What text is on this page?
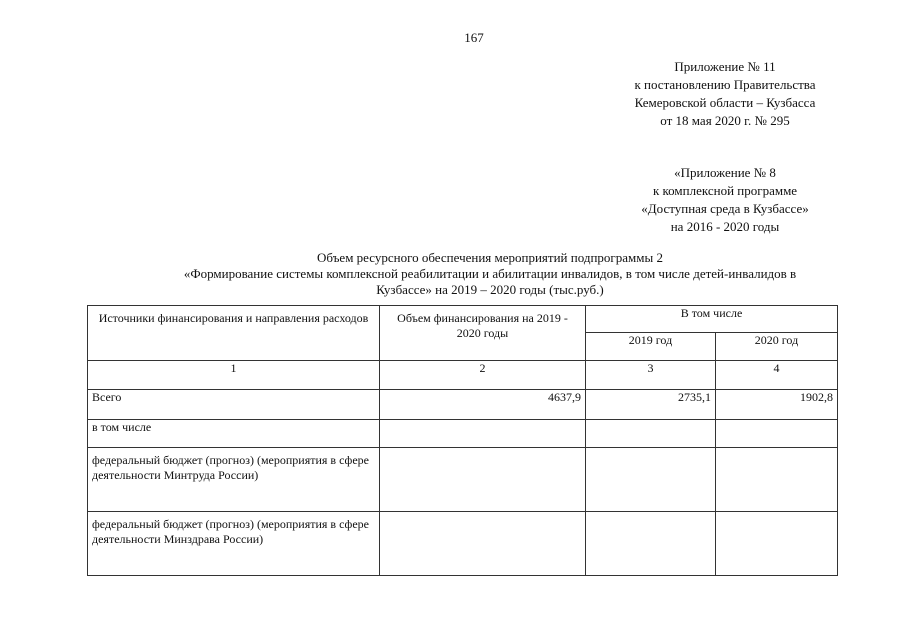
167
Приложение № 11
к постановлению Правительства
Кемеровской области – Кузбасса
от 18 мая 2020 г. № 295
«Приложение № 8
к комплексной программе
«Доступная среда в Кузбассе»
на 2016 - 2020 годы
Объем ресурсного обеспечения мероприятий подпрограммы 2
«Формирование системы комплексной реабилитации и абилитации инвалидов, в том числе детей-инвалидов в
Кузбассе» на 2019 – 2020 годы (тыс.руб.)
Источники финансирования и направления расходов	Объем финансирования на 2019 - 2020 годы	В том числе	
		2019 год	2020 год
1	2	3	4
Всего	4637,9	2735,1	1902,8
в том числе			
федеральный бюджет (прогноз) (мероприятия в сфере деятельности Минтруда России)			
федеральный бюджет (прогноз) (мероприятия в сфере деятельности Минздрава России)			
